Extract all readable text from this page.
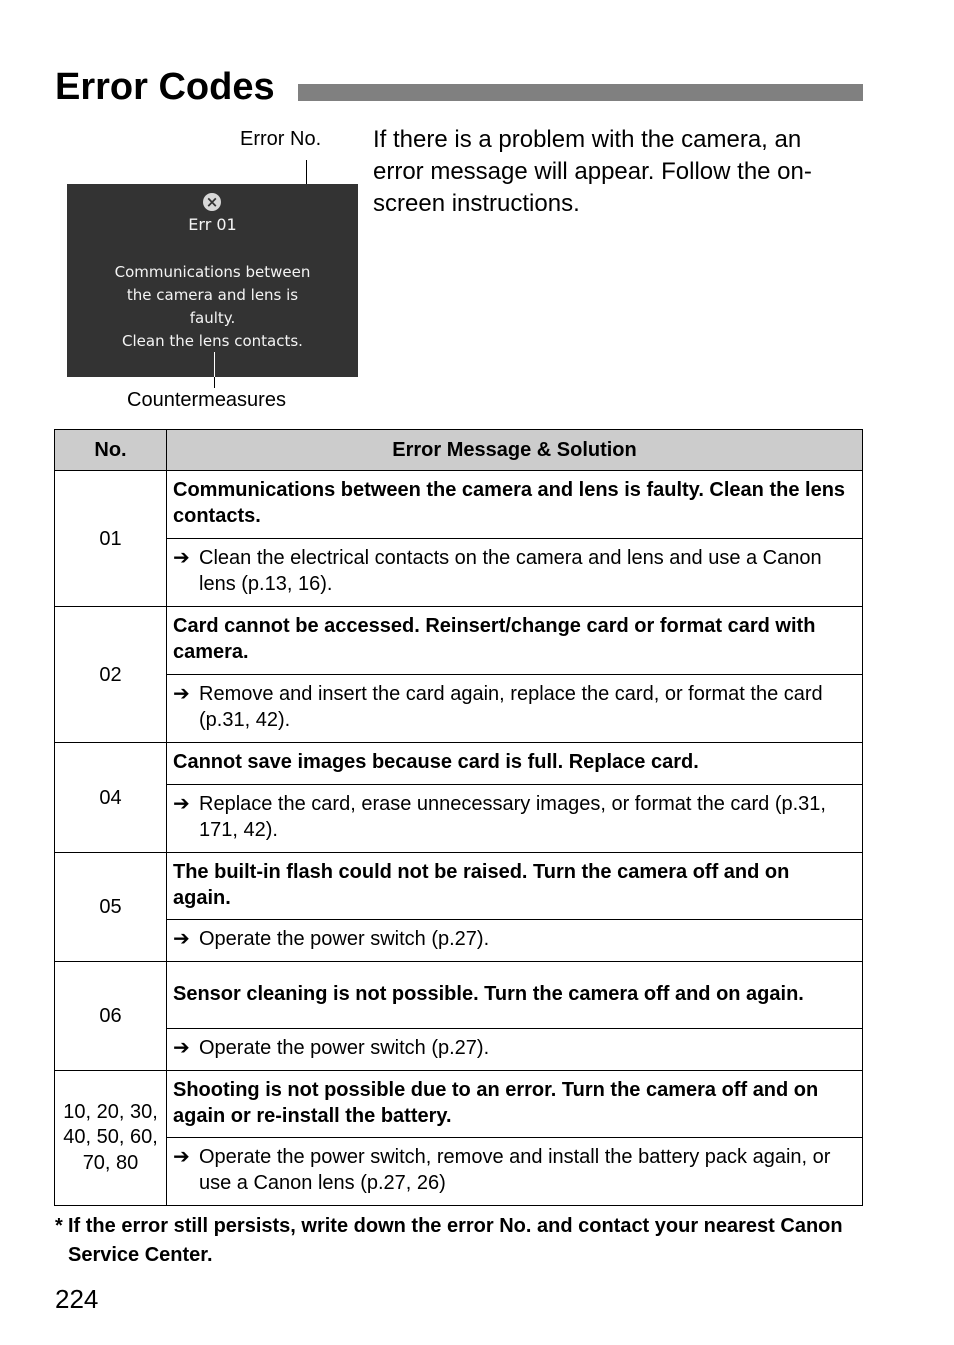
Error Codes
Error No.
×
Err 01
Communications between
the camera and lens is
faulty.
Clean the lens contacts.
Countermeasures
If there is a problem with the camera, an error message will appear. Follow the on-screen instructions.
No.	Error Message & Solution
01	Communications between the camera and lens is faulty. Clean the lens contacts.

	➔ Clean the electrical contacts on the camera and lens and use a Canon lens (p.13, 16).

02	Card cannot be accessed. Reinsert/change card or format card with camera.

	➔ Remove and insert the card again, replace the card, or format the card (p.31, 42).

04	Cannot save images because card is full. Replace card.

	➔ Replace the card, erase unnecessary images, or format the card (p.31, 171, 42).

05	The built-in flash could not be raised. Turn the camera off and on again.

	➔ Operate the power switch (p.27).

06	Sensor cleaning is not possible. Turn the camera off and on again.

	➔ Operate the power switch (p.27).

10, 20, 30, 40, 50, 60, 70, 80	Shooting is not possible due to an error. Turn the camera off and on again or re-install the battery.

	➔ Operate the power switch, remove and install the battery pack again, or use a Canon lens (p.27, 26)
* If the error still persists, write down the error No. and contact your nearest Canon Service Center.
224
